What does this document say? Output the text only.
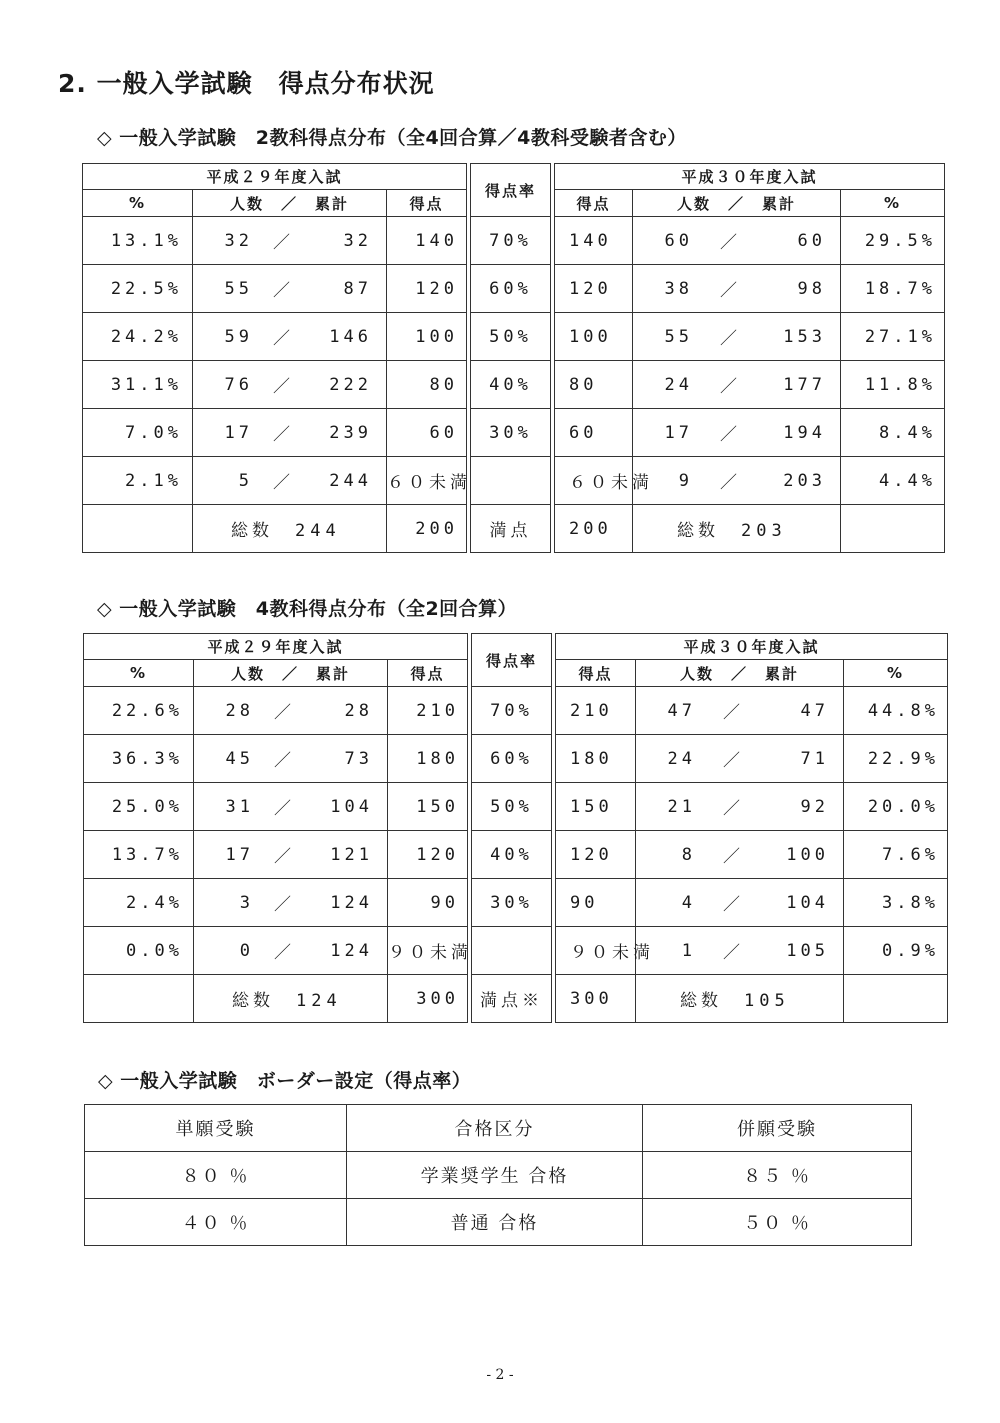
2. 一般入学試験　得点分布状況
◇ 一般入学試験　2教科得点分布（全4回合算／4教科受験者含む）
平成２９年度入試				得点率		平成３０年度入試		
%	人数　／　累計	得点				得点	人数　／　累計	%
13.1%	32 ／ 32	140		70%		140	60 ／ 60	29.5%
22.5%	55 ／ 87	120		60%		120	38 ／ 98	18.7%
24.2%	59 ／ 146	100		50%		100	55 ／ 153	27.1%
31.1%	76 ／ 222	80		40%		80	24 ／ 177	11.8%
7.0%	17 ／ 239	60		30%		60	17 ／ 194	8.4%
2.1%	5 ／ 244	６０未満				６０未満	9 ／ 203	4.4%
	総数 244	200		満点		200	総数 203	
◇ 一般入学試験　4教科得点分布（全2回合算）
平成２９年度入試				得点率		平成３０年度入試		
%	人数　／　累計	得点				得点	人数　／　累計	%
22.6%	28 ／ 28	210		70%		210	47 ／ 47	44.8%
36.3%	45 ／ 73	180		60%		180	24 ／ 71	22.9%
25.0%	31 ／ 104	150		50%		150	21 ／ 92	20.0%
13.7%	17 ／ 121	120		40%		120	8 ／ 100	7.6%
2.4%	3 ／ 124	90		30%		90	4 ／ 104	3.8%
0.0%	0 ／ 124	９０未満				９０未満	1 ／ 105	0.9%
	総数 124	300		満点※		300	総数 105	
◇ 一般入学試験　ボーダー設定（得点率）
単願受験	合格区分	併願受験
８０ ％	学業奨学生 合格	８５ ％
４０ ％	普通 合格	５０ ％
- 2 -
